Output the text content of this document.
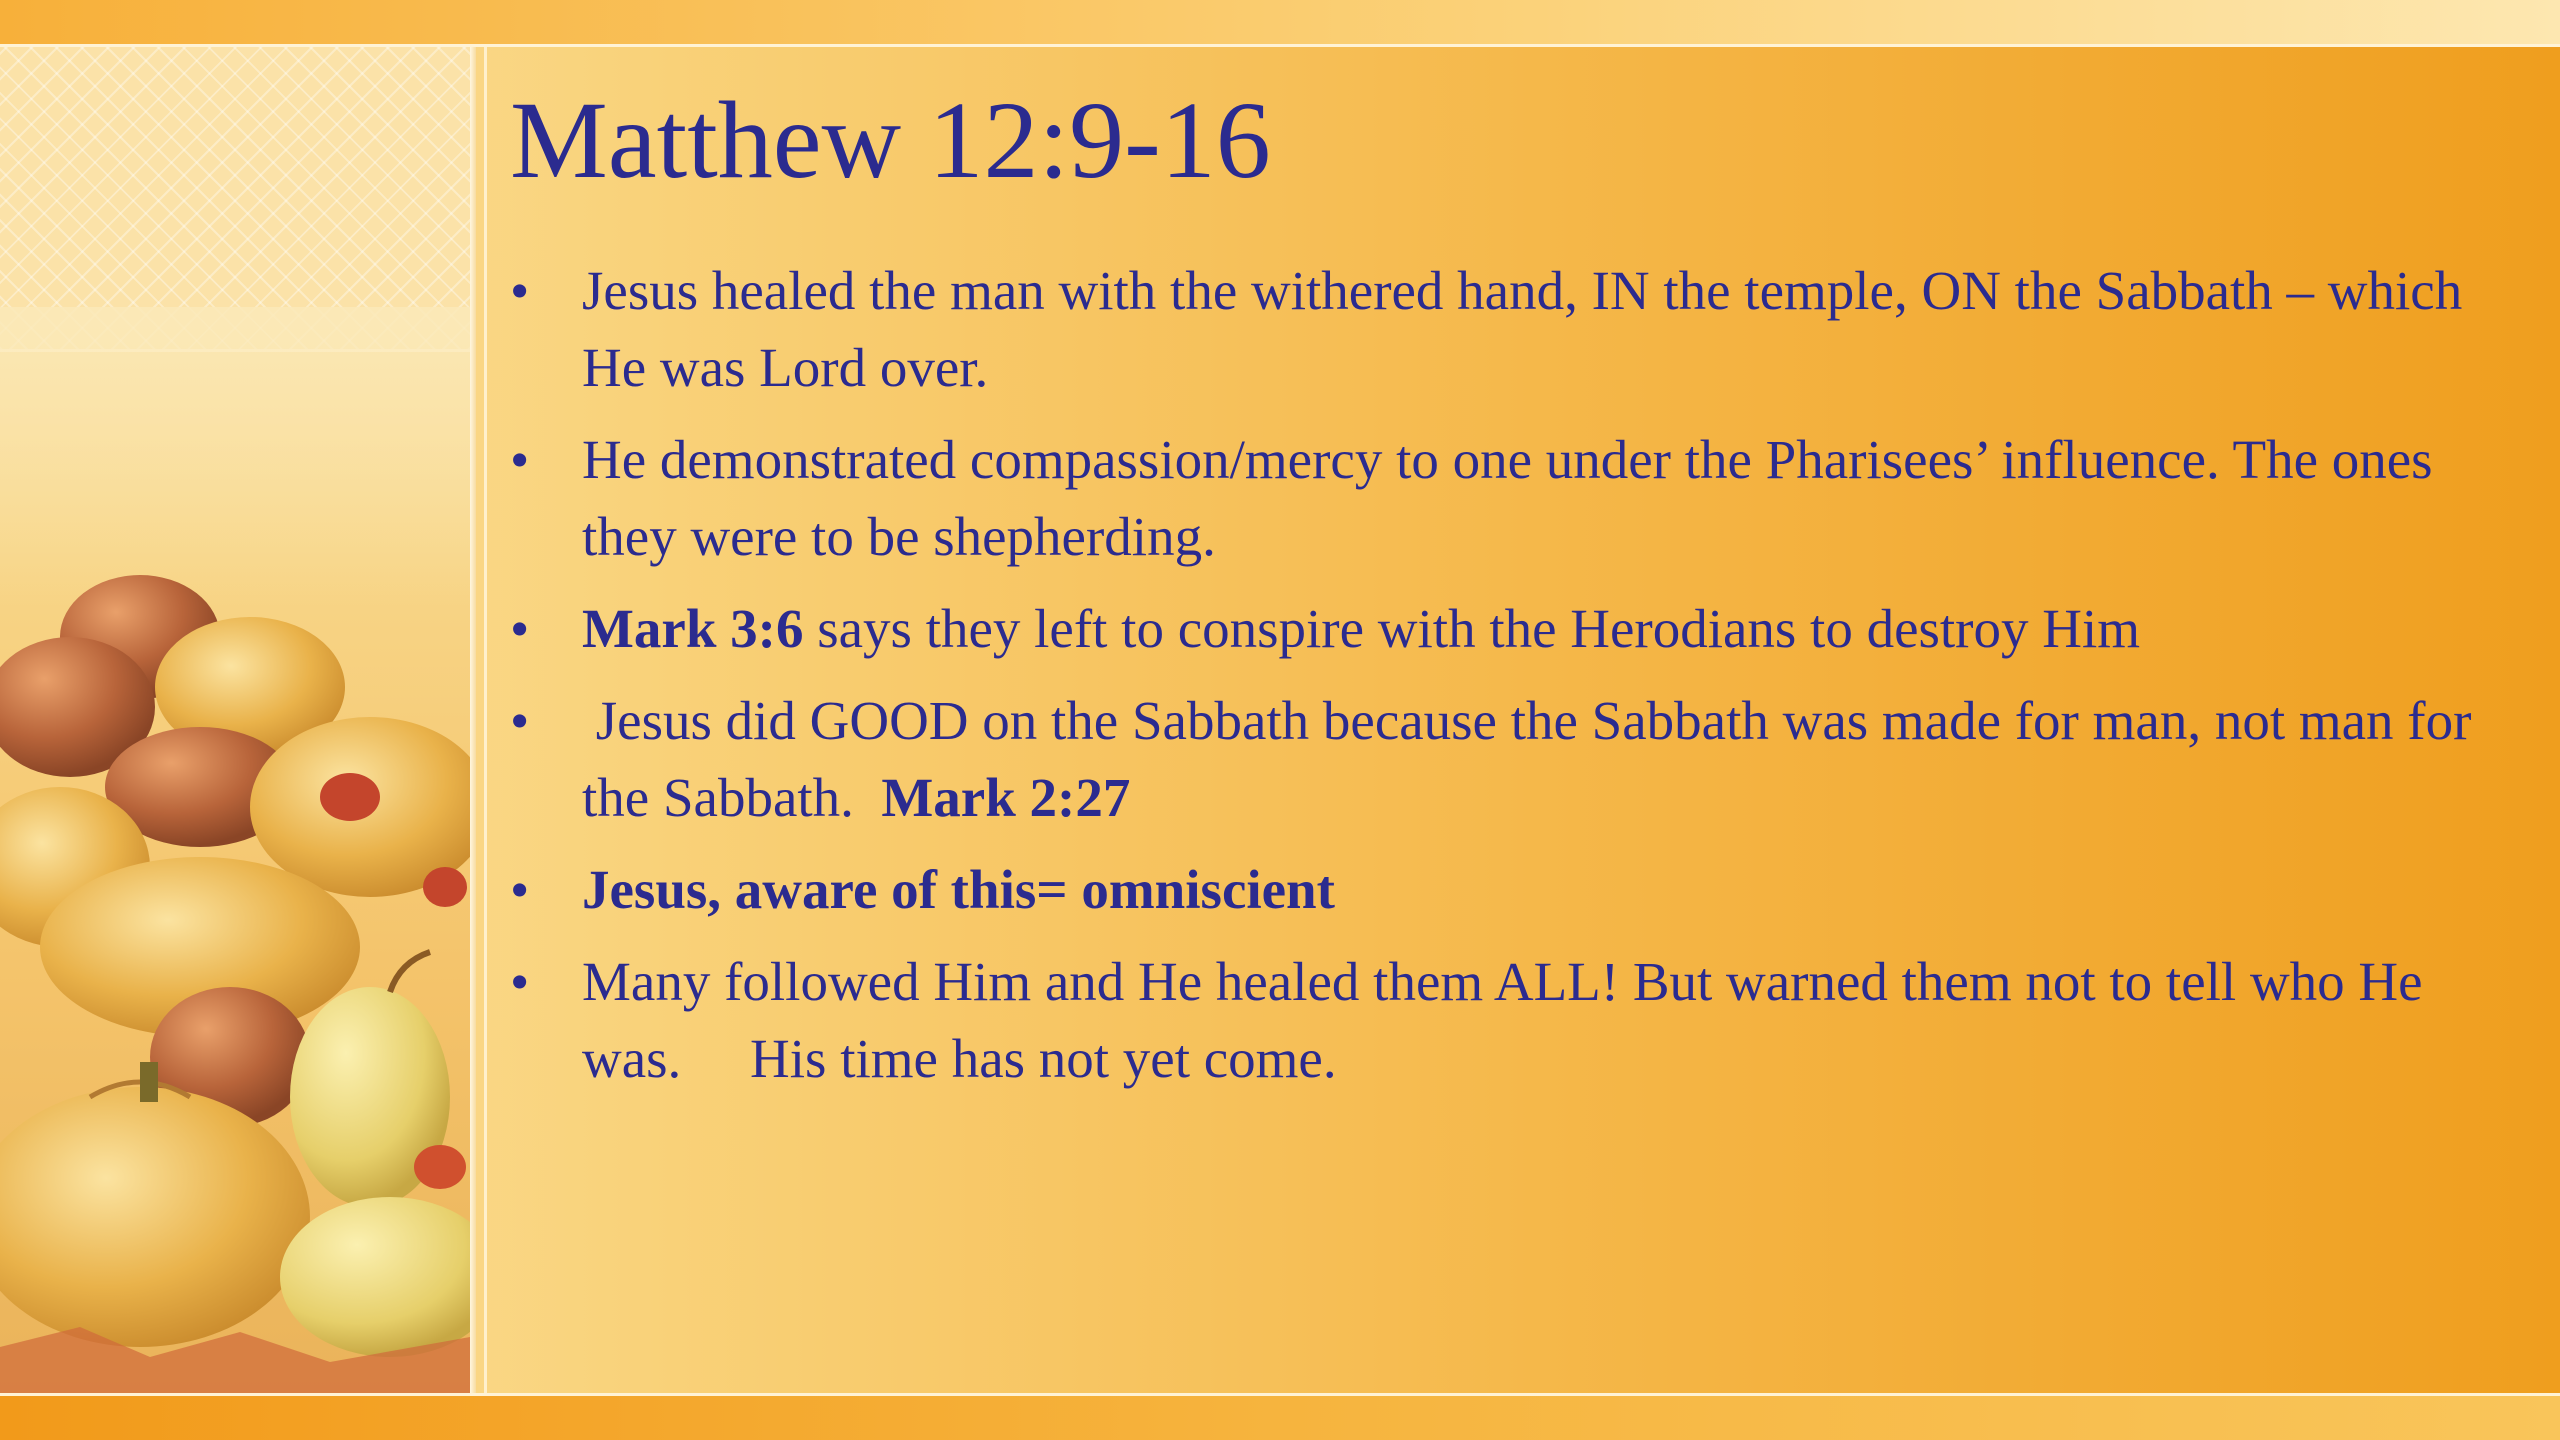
Matthew 12:9-16
• Jesus healed the man with the withered hand, IN the temple, ON the Sabbath – which He was Lord over.
• He demonstrated compassion/mercy to one under the Pharisees’ influence. The ones they were to be shepherding.
• Mark 3:6 says they left to conspire with the Herodians to destroy Him
• Jesus did GOOD on the Sabbath because the Sabbath was made for man, not man for the Sabbath.  Mark 2:27
• Jesus, aware of this= omniscient
• Many followed Him and He healed them ALL! But warned them not to tell who He was.     His time has not yet come.
